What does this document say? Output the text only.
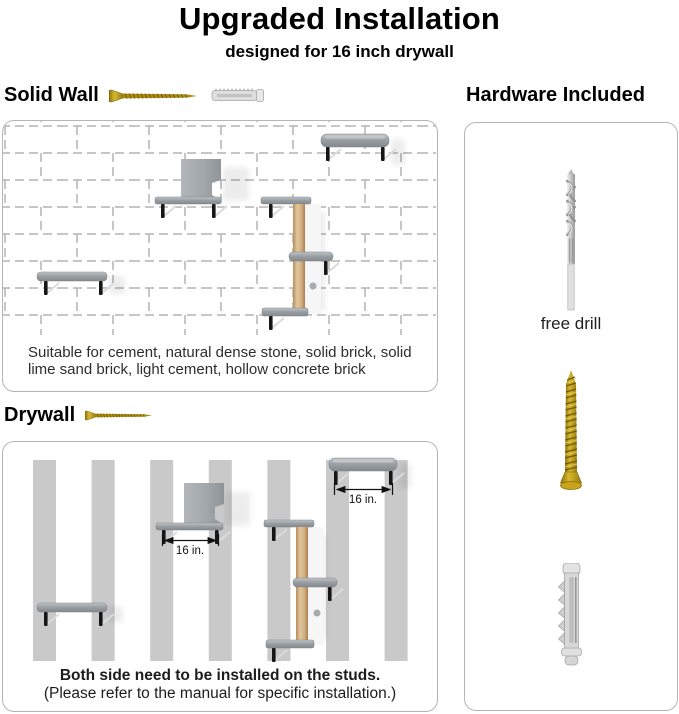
Upgraded Installation
designed for 16 inch drywall
Solid Wall
Suitable for cement, natural dense stone, solid brick, solid
lime sand brick, light cement, hollow concrete brick
Drywall
16 in.
16 in.
Both side need to be installed on the studs.
(Please refer to the manual for specific installation.)
Hardware Included
free drill
